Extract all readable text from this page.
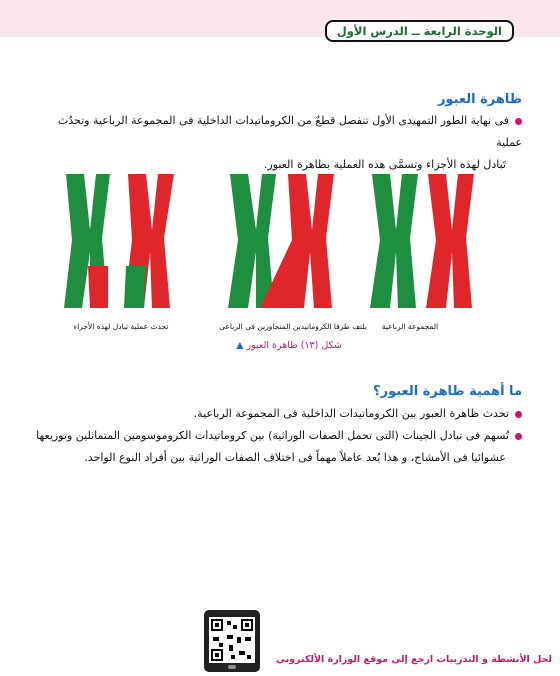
الوحدة الرابعة ــ الدرس الأول
ظاهرة العبور
فى نهاية الطور التمهيدى الأول تنفصل قطعٌ من الكروماتيدات الداخلية فى المجموعة الرباعية وتحدُث عملية
تَبادل لهذه الأجزاء وتسمَّى هذه العملية بظاهرة العبور.
تحدث عملية تبادل لهذه الأجزاء	يلتف طرفا الكروماتيدين المتجاورين فى الرباعى	المجموعة الرباعية
شكل (١٣) ظاهرة العبور ▲
ما أهمية ظاهرة العبور؟
تحدث ظاهرة العبور بين الكروماتيدات الداخلية فى المجموعة الرباعية.
تُسهم فى تبادل الجينات (التى تحمل الصفات الوراثية) بين كروماتيدات الكروموسومين المتماثلين وتوزيعها
عشوائيا فى الأمشاج، و هذا يُعد عاملاً مهماً فى اختلاف الصفات الوراثية بين أفراد النوع الواحد.
لحل الأنشطة و التدريبات ارجع إلى موقع الوزارة الألكترونى
